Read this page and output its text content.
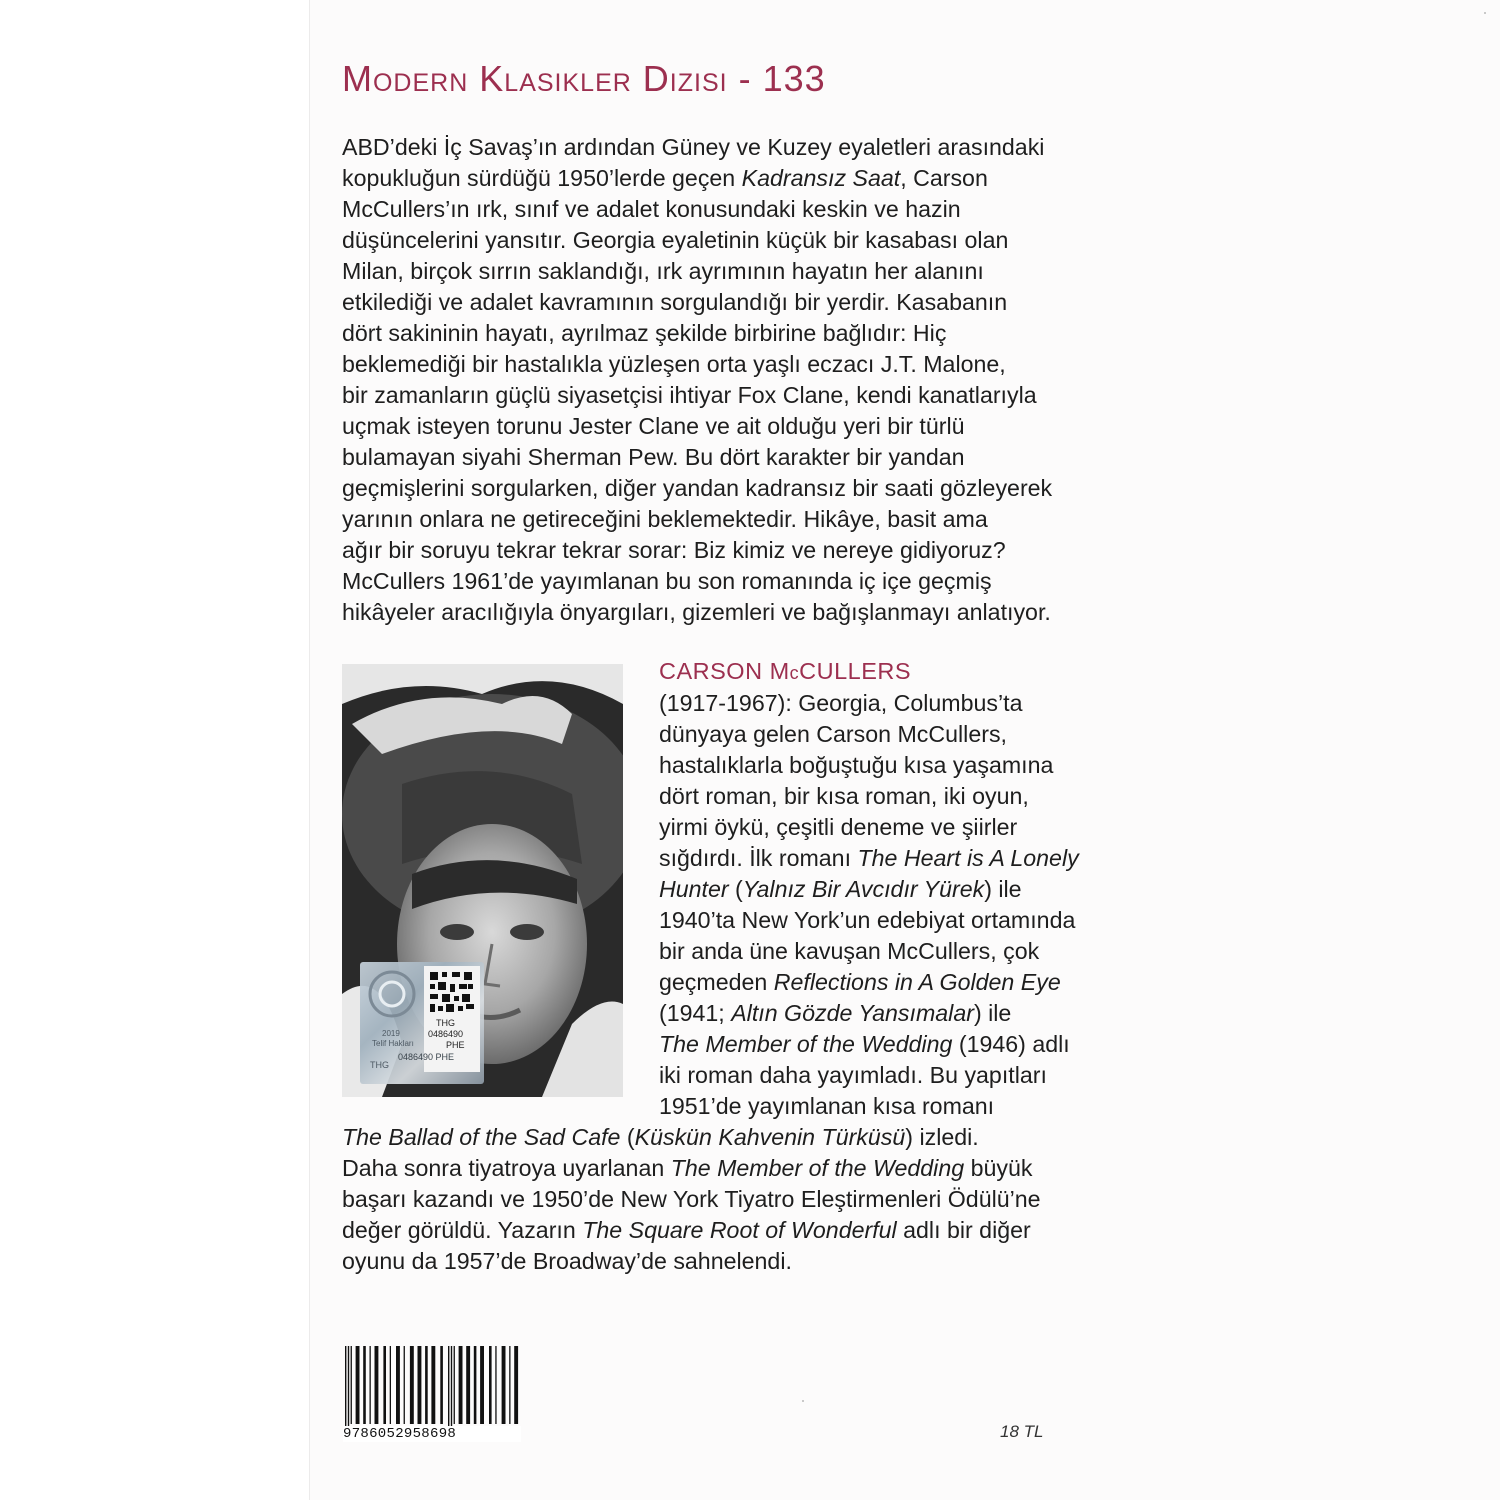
Modern Klasikler Dizisi - 133
ABD’deki İç Savaş’ın ardından Güney ve Kuzey eyaletleri arasındaki
kopukluğun sürdüğü 1950’lerde geçen Kadransız Saat, Carson
McCullers’ın ırk, sınıf ve adalet konusundaki keskin ve hazin
düşüncelerini yansıtır. Georgia eyaletinin küçük bir kasabası olan
Milan, birçok sırrın saklandığı, ırk ayrımının hayatın her alanını
etkilediği ve adalet kavramının sorgulandığı bir yerdir. Kasabanın
dört sakininin hayatı, ayrılmaz şekilde birbirine bağlıdır: Hiç
beklemediği bir hastalıkla yüzleşen orta yaşlı eczacı J.T. Malone,
bir zamanların güçlü siyasetçisi ihtiyar Fox Clane, kendi kanatlarıyla
uçmak isteyen torunu Jester Clane ve ait olduğu yeri bir türlü
bulamayan siyahi Sherman Pew. Bu dört karakter bir yandan
geçmişlerini sorgularken, diğer yandan kadransız bir saati gözleyerek
yarının onlara ne getireceğini beklemektedir. Hikâye, basit ama
ağır bir soruyu tekrar tekrar sorar: Biz kimiz ve nereye gidiyoruz?
McCullers 1961’de yayımlanan bu son romanında iç içe geçmiş
hikâyeler aracılığıyla önyargıları, gizemleri ve bağışlanmayı anlatıyor.
THG
0486490
PHE
2019
Telif Hakları
THG
0486490 PHE
CARSON McCULLERS
(1917-1967): Georgia, Columbus’ta
dünyaya gelen Carson McCullers,
hastalıklarla boğuştuğu kısa yaşamına
dört roman, bir kısa roman, iki oyun,
yirmi öykü, çeşitli deneme ve şiirler
sığdırdı. İlk romanı The Heart is A Lonely
Hunter (Yalnız Bir Avcıdır Yürek) ile
1940’ta New York’un edebiyat ortamında
bir anda üne kavuşan McCullers, çok
geçmeden Reflections in A Golden Eye
(1941; Altın Gözde Yansımalar) ile
The Member of the Wedding (1946) adlı
iki roman daha yayımladı. Bu yapıtları
1951’de yayımlanan kısa romanı
The Ballad of the Sad Cafe (Küskün Kahvenin Türküsü) izledi.
Daha sonra tiyatroya uyarlanan The Member of the Wedding büyük
başarı kazandı ve 1950’de New York Tiyatro Eleştirmenleri Ödülü’ne
değer görüldü. Yazarın The Square Root of Wonderful adlı bir diğer
oyunu da 1957’de Broadway’de sahnelendi.
9786052958698	18 TL
